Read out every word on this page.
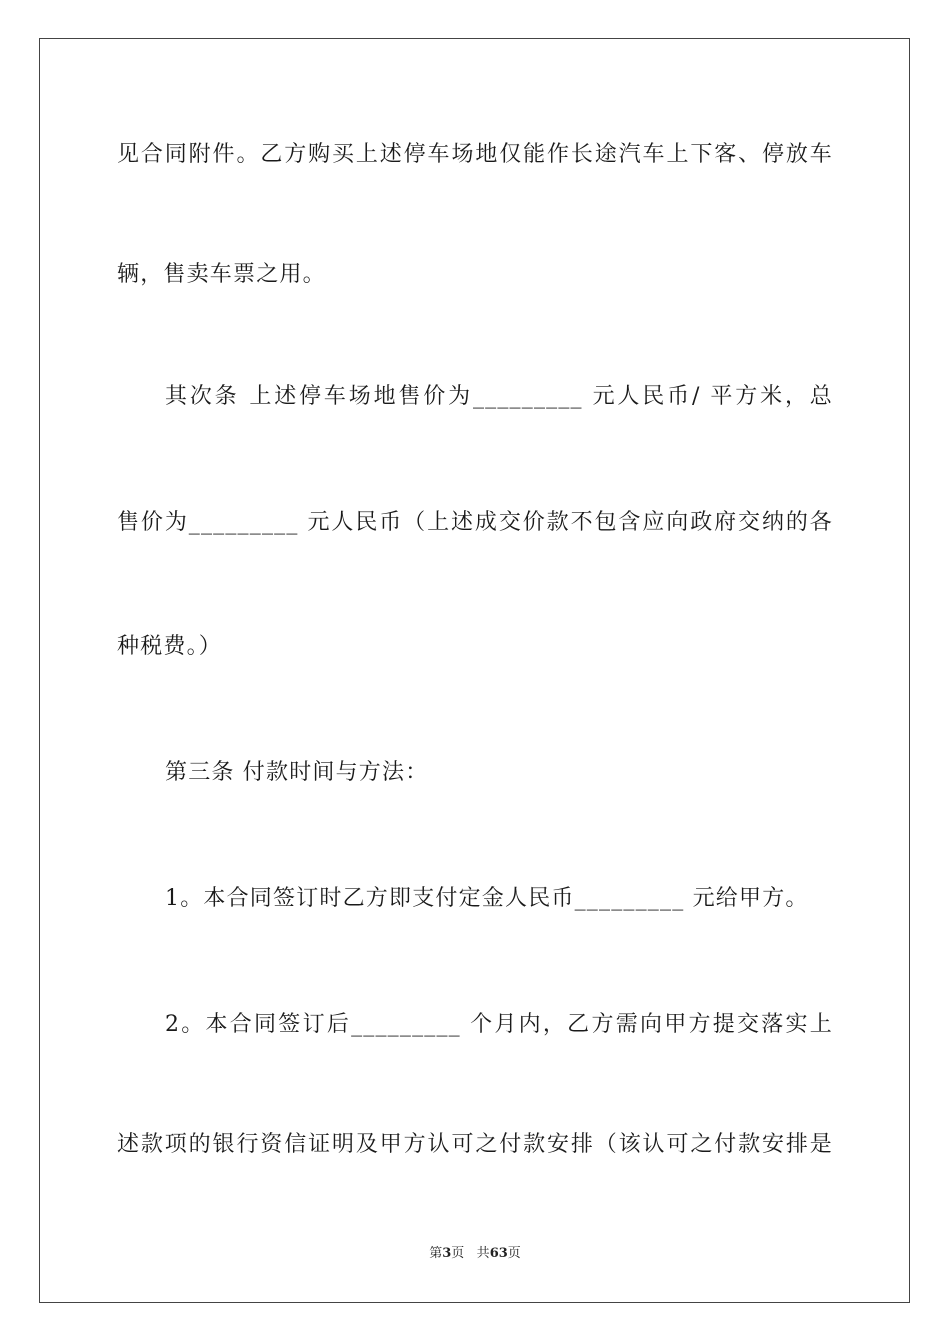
见合同附件。乙方购买上述停车场地仅能作长途汽车上下客、停放车
辆，售卖车票之用。
其次条 上述停车场地售价为_________ 元人民币/ 平方米，总
售价为_________ 元人民币（上述成交价款不包含应向政府交纳的各
种税费。）
第三条 付款时间与方法：
1。本合同签订时乙方即支付定金人民币_________ 元给甲方。
2。本合同签订后_________ 个月内，乙方需向甲方提交落实上
述款项的银行资信证明及甲方认可之付款安排（该认可之付款安排是
第3页 共63页
